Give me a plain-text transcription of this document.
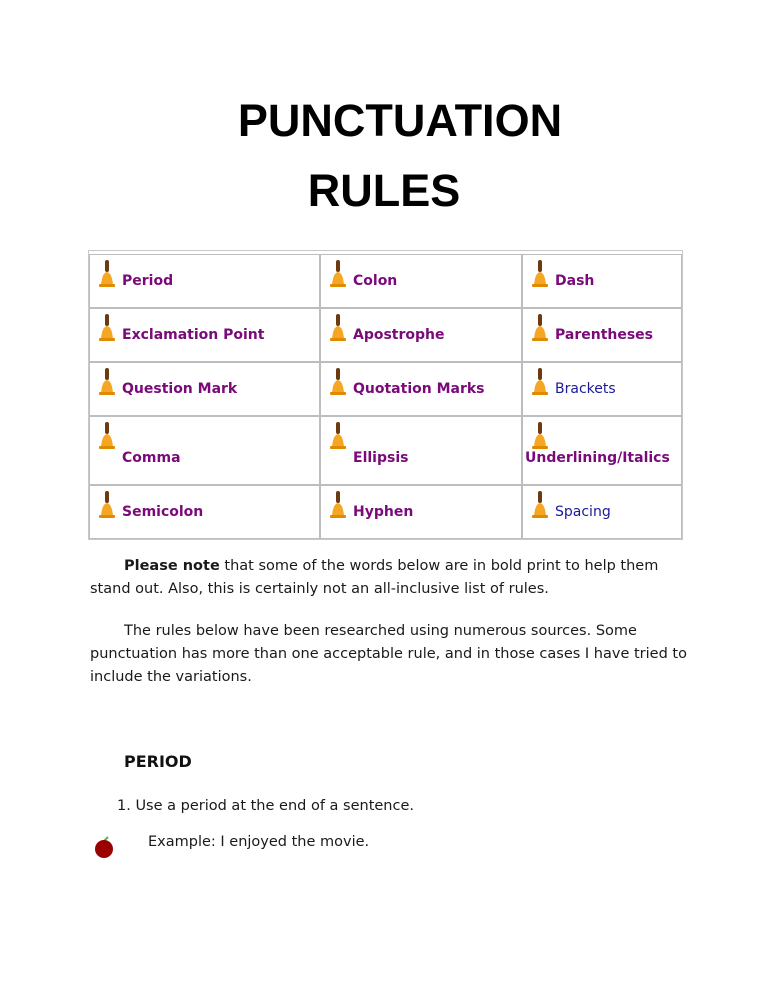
PUNCTUATION
RULES
Period	Colon	Dash
Exclamation Point	Apostrophe	Parentheses
Question Mark	Quotation Marks	Brackets
Comma	Ellipsis	Underlining/Italics
Semicolon	Hyphen	Spacing
Please note that some of the words below are in bold print to help them stand out. Also, this is certainly not an all-inclusive list of rules.
The rules below have been researched using numerous sources. Some punctuation has more than one acceptable rule, and in those cases I have tried to include the variations.
PERIOD
1. Use a period at the end of a sentence.
Example: I enjoyed the movie.
